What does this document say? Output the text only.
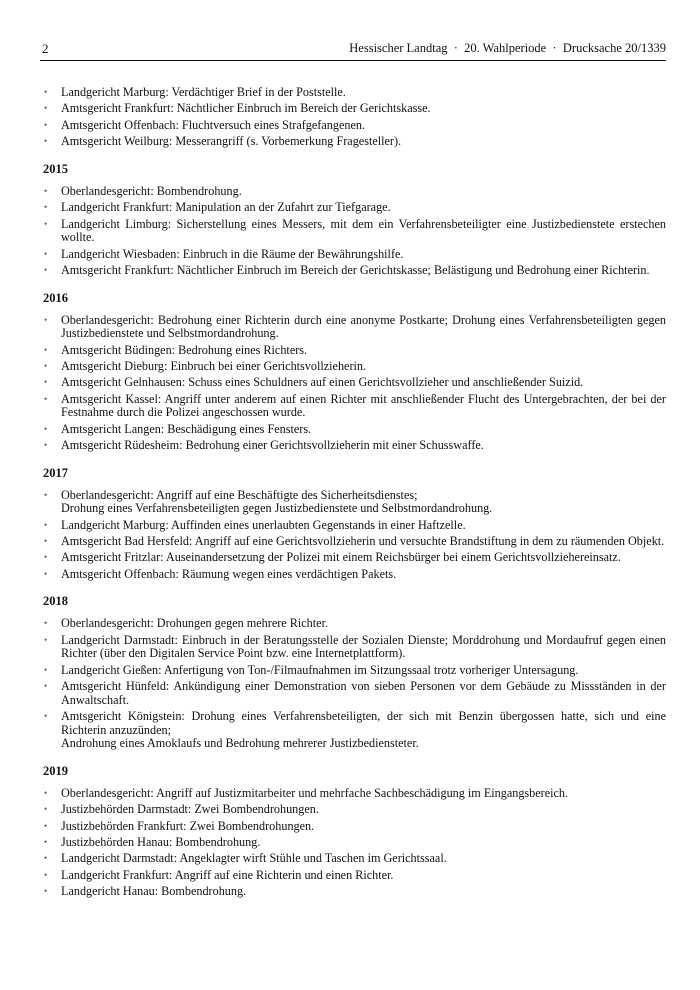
2	Hessischer Landtag  ·  20. Wahlperiode  ·  Drucksache 20/1339
• Landgericht Marburg: Verdächtiger Brief in der Poststelle.
• Amtsgericht Frankfurt: Nächtlicher Einbruch im Bereich der Gerichtskasse.
• Amtsgericht Offenbach: Fluchtversuch eines Strafgefangenen.
• Amtsgericht Weilburg: Messerangriff (s. Vorbemerkung Fragesteller).
2015
• Oberlandesgericht: Bombendrohung.
• Landgericht Frankfurt: Manipulation an der Zufahrt zur Tiefgarage.
• Landgericht Limburg: Sicherstellung eines Messers, mit dem ein Verfahrensbeteiligter eine Justizbedienstete erstechen wollte.
• Landgericht Wiesbaden: Einbruch in die Räume der Bewährungshilfe.
• Amtsgericht Frankfurt: Nächtlicher Einbruch im Bereich der Gerichtskasse; Belästigung und Bedrohung einer Richterin.
2016
• Oberlandesgericht: Bedrohung einer Richterin durch eine anonyme Postkarte; Drohung eines Verfahrensbeteiligten gegen Justizbedienstete und Selbstmordandrohung.
• Amtsgericht Büdingen: Bedrohung eines Richters.
• Amtsgericht Dieburg: Einbruch bei einer Gerichtsvollzieherin.
• Amtsgericht Gelnhausen: Schuss eines Schuldners auf einen Gerichtsvollzieher und anschließender Suizid.
• Amtsgericht Kassel: Angriff unter anderem auf einen Richter mit anschließender Flucht des Untergebrachten, der bei der Festnahme durch die Polizei angeschossen wurde.
• Amtsgericht Langen: Beschädigung eines Fensters.
• Amtsgericht Rüdesheim: Bedrohung einer Gerichtsvollzieherin mit einer Schusswaffe.
2017
• Oberlandesgericht: Angriff auf eine Beschäftigte des Sicherheitsdienstes;
Drohung eines Verfahrensbeteiligten gegen Justizbedienstete und Selbstmordandrohung.
• Landgericht Marburg: Auffinden eines unerlaubten Gegenstands in einer Haftzelle.
• Amtsgericht Bad Hersfeld: Angriff auf eine Gerichtsvollzieherin und versuchte Brandstiftung in dem zu räumenden Objekt.
• Amtsgericht Fritzlar: Auseinandersetzung der Polizei mit einem Reichsbürger bei einem Gerichtsvollziehereinsatz.
• Amtsgericht Offenbach: Räumung wegen eines verdächtigen Pakets.
2018
• Oberlandesgericht: Drohungen gegen mehrere Richter.
• Landgericht Darmstadt: Einbruch in der Beratungsstelle der Sozialen Dienste; Morddrohung und Mordaufruf gegen einen Richter (über den Digitalen Service Point bzw. eine Internetplattform).
• Landgericht Gießen: Anfertigung von Ton-/Filmaufnahmen im Sitzungssaal trotz vorheriger Untersagung.
• Amtsgericht Hünfeld: Ankündigung einer Demonstration von sieben Personen vor dem Gebäude zu Missständen in der Anwaltschaft.
• Amtsgericht Königstein: Drohung eines Verfahrensbeteiligten, der sich mit Benzin übergossen hatte, sich und eine Richterin anzuzünden;
Androhung eines Amoklaufs und Bedrohung mehrerer Justizbediensteter.
2019
• Oberlandesgericht: Angriff auf Justizmitarbeiter und mehrfache Sachbeschädigung im Eingangsbereich.
• Justizbehörden Darmstadt: Zwei Bombendrohungen.
• Justizbehörden Frankfurt: Zwei Bombendrohungen.
• Justizbehörden Hanau: Bombendrohung.
• Landgericht Darmstadt: Angeklagter wirft Stühle und Taschen im Gerichtssaal.
• Landgericht Frankfurt: Angriff auf eine Richterin und einen Richter.
• Landgericht Hanau: Bombendrohung.
